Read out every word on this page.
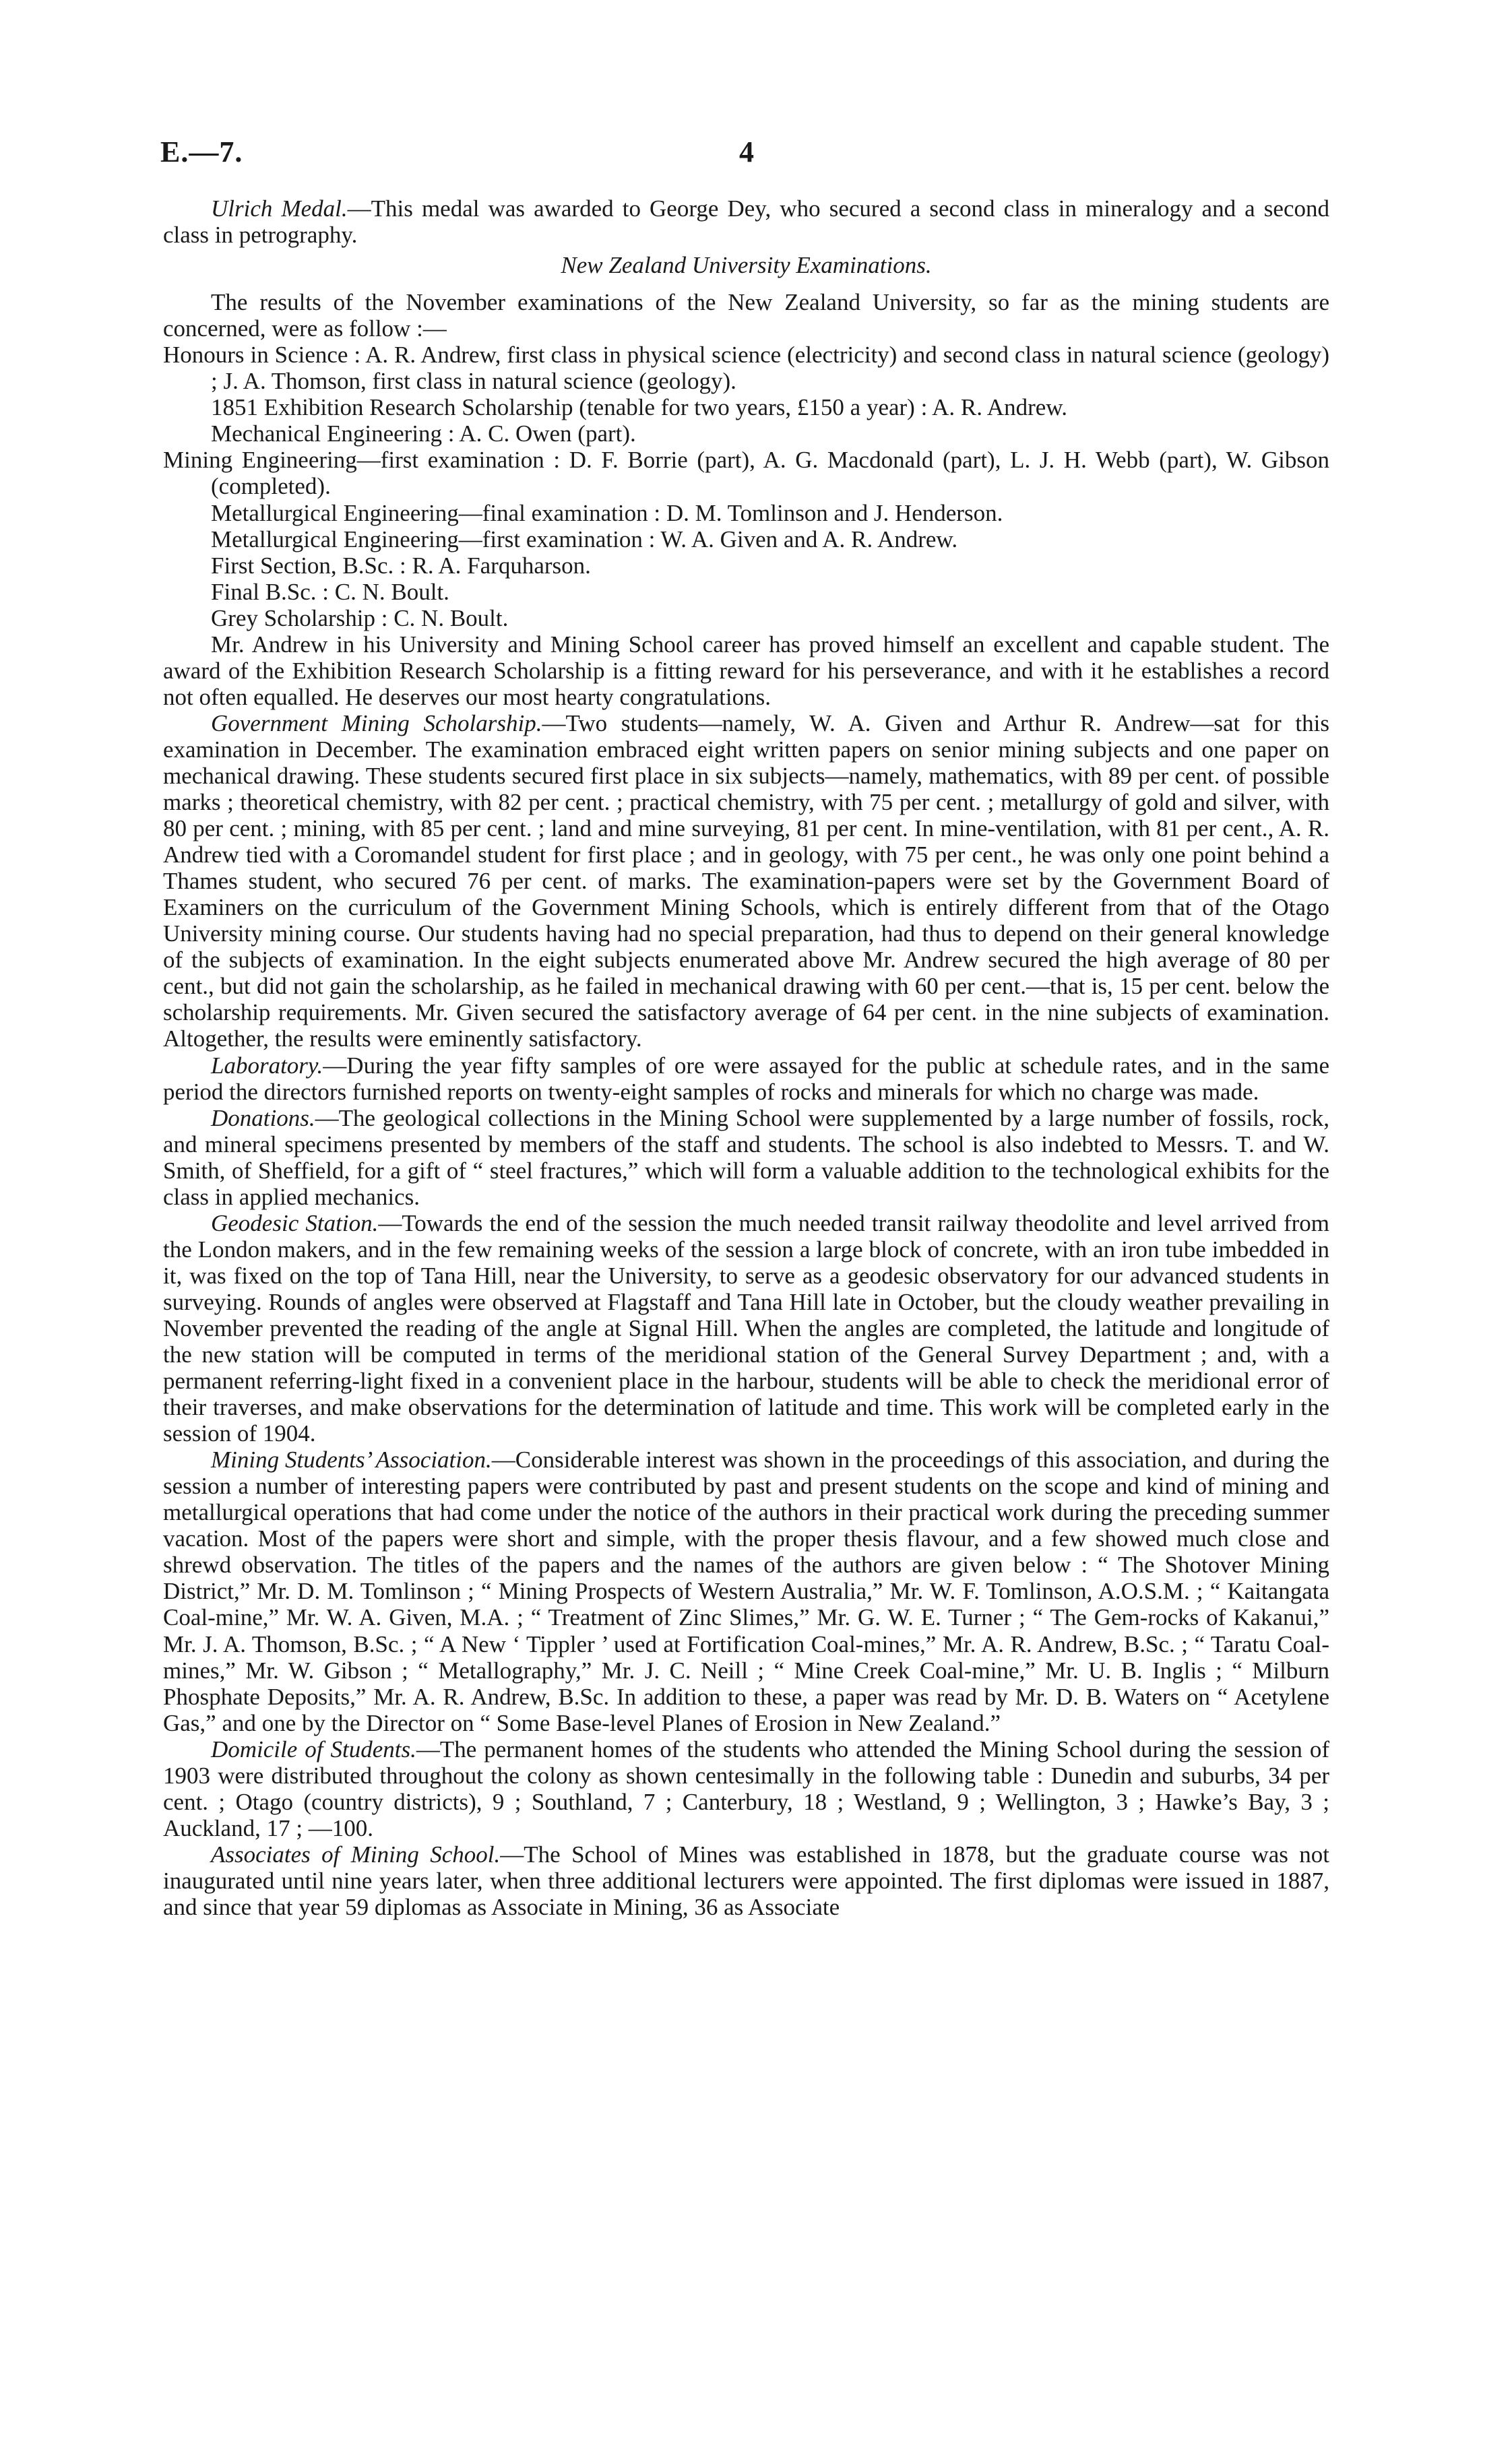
E.—7.	4

Ulrich Medal.—This medal was awarded to George Dey, who secured a second class in mineralogy and a second class in petrography.

New Zealand University Examinations.

The results of the November examinations of the New Zealand University, so far as the mining students are concerned, were as follow :—

Honours in Science : A. R. Andrew, first class in physical science (electricity) and second class in natural science (geology) ; J. A. Thomson, first class in natural science (geology).

1851 Exhibition Research Scholarship (tenable for two years, £150 a year) : A. R. Andrew.

Mechanical Engineering : A. C. Owen (part).

Mining Engineering—first examination : D. F. Borrie (part), A. G. Macdonald (part), L. J. H. Webb (part), W. Gibson (completed).

Metallurgical Engineering—final examination : D. M. Tomlinson and J. Henderson.

Metallurgical Engineering—first examination : W. A. Given and A. R. Andrew.

First Section, B.Sc. : R. A. Farquharson.

Final B.Sc. : C. N. Boult.

Grey Scholarship : C. N. Boult.

Mr. Andrew in his University and Mining School career has proved himself an excellent and capable student. The award of the Exhibition Research Scholarship is a fitting reward for his perseverance, and with it he establishes a record not often equalled. He deserves our most hearty congratulations.

Government Mining Scholarship.—Two students—namely, W. A. Given and Arthur R. Andrew—sat for this examination in December. The examination embraced eight written papers on senior mining subjects and one paper on mechanical drawing. These students secured first place in six subjects—namely, mathematics, with 89 per cent. of possible marks ; theoretical chemistry, with 82 per cent. ; practical chemistry, with 75 per cent. ; metallurgy of gold and silver, with 80 per cent. ; mining, with 85 per cent. ; land and mine surveying, 81 per cent. In mine-ventilation, with 81 per cent., A. R. Andrew tied with a Coromandel student for first place ; and in geology, with 75 per cent., he was only one point behind a Thames student, who secured 76 per cent. of marks. The examination-papers were set by the Government Board of Examiners on the curriculum of the Government Mining Schools, which is entirely different from that of the Otago University mining course. Our students having had no special preparation, had thus to depend on their general knowledge of the subjects of examination. In the eight subjects enumerated above Mr. Andrew secured the high average of 80 per cent., but did not gain the scholarship, as he failed in mechanical drawing with 60 per cent.—that is, 15 per cent. below the scholarship requirements. Mr. Given secured the satisfactory average of 64 per cent. in the nine subjects of examination. Altogether, the results were eminently satisfactory.

Laboratory.—During the year fifty samples of ore were assayed for the public at schedule rates, and in the same period the directors furnished reports on twenty-eight samples of rocks and minerals for which no charge was made.

Donations.—The geological collections in the Mining School were supplemented by a large number of fossils, rock, and mineral specimens presented by members of the staff and students. The school is also indebted to Messrs. T. and W. Smith, of Sheffield, for a gift of “ steel fractures,” which will form a valuable addition to the technological exhibits for the class in applied mechanics.

Geodesic Station.—Towards the end of the session the much needed transit railway theodolite and level arrived from the London makers, and in the few remaining weeks of the session a large block of concrete, with an iron tube imbedded in it, was fixed on the top of Tana Hill, near the University, to serve as a geodesic observatory for our advanced students in surveying. Rounds of angles were observed at Flagstaff and Tana Hill late in October, but the cloudy weather prevailing in November prevented the reading of the angle at Signal Hill. When the angles are completed, the latitude and longitude of the new station will be computed in terms of the meridional station of the General Survey Department ; and, with a permanent referring-light fixed in a convenient place in the harbour, students will be able to check the meridional error of their traverses, and make observations for the determination of latitude and time. This work will be completed early in the session of 1904.

Mining Students’ Association.—Considerable interest was shown in the proceedings of this association, and during the session a number of interesting papers were contributed by past and present students on the scope and kind of mining and metallurgical operations that had come under the notice of the authors in their practical work during the preceding summer vacation. Most of the papers were short and simple, with the proper thesis flavour, and a few showed much close and shrewd observation. The titles of the papers and the names of the authors are given below : “ The Shotover Mining District,” Mr. D. M. Tomlinson ; “ Mining Prospects of Western Australia,” Mr. W. F. Tomlinson, A.O.S.M. ; “ Kaitangata Coal-mine,” Mr. W. A. Given, M.A. ; “ Treatment of Zinc Slimes,” Mr. G. W. E. Turner ; “ The Gem-rocks of Kakanui,” Mr. J. A. Thomson, B.Sc. ; “ A New ‘ Tippler ’ used at Fortification Coal-mines,” Mr. A. R. Andrew, B.Sc. ; “ Taratu Coal-mines,” Mr. W. Gibson ; “ Metallography,” Mr. J. C. Neill ; “ Mine Creek Coal-mine,” Mr. U. B. Inglis ; “ Milburn Phosphate Deposits,” Mr. A. R. Andrew, B.Sc. In addition to these, a paper was read by Mr. D. B. Waters on “ Acetylene Gas,” and one by the Director on “ Some Base-level Planes of Erosion in New Zealand.”

Domicile of Students.—The permanent homes of the students who attended the Mining School during the session of 1903 were distributed throughout the colony as shown centesimally in the following table : Dunedin and suburbs, 34 per cent. ; Otago (country districts), 9 ; Southland, 7 ; Canterbury, 18 ; Westland, 9 ; Wellington, 3 ; Hawke’s Bay, 3 ; Auckland, 17 ; —100.

Associates of Mining School.—The School of Mines was established in 1878, but the graduate course was not inaugurated until nine years later, when three additional lecturers were appointed. The first diplomas were issued in 1887, and since that year 59 diplomas as Associate in Mining, 36 as Associate
